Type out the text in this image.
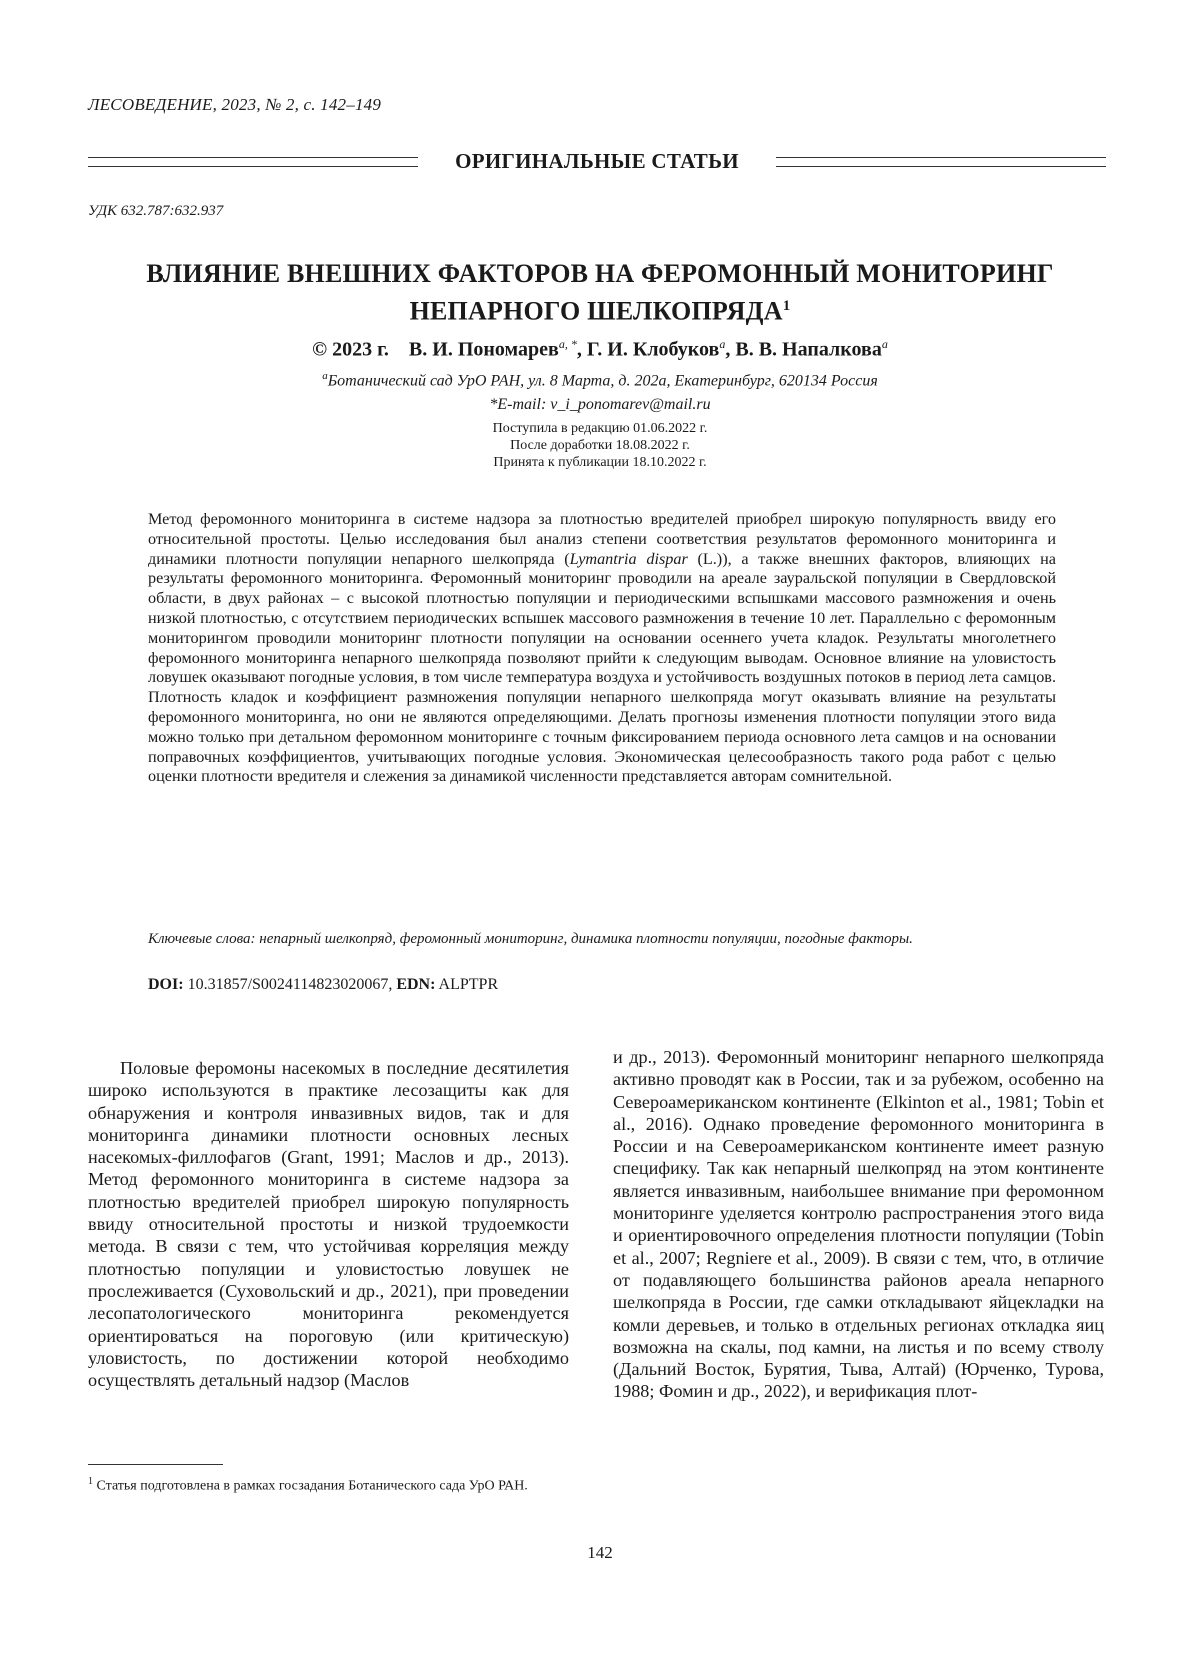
ЛЕСОВЕДЕНИЕ, 2023, № 2, с. 142–149
ОРИГИНАЛЬНЫЕ СТАТЬИ
УДК 632.787:632.937
ВЛИЯНИЕ ВНЕШНИХ ФАКТОРОВ НА ФЕРОМОННЫЙ МОНИТОРИНГ НЕПАРНОГО ШЕЛКОПРЯДА$^1$
© 2023 г. В. И. Пономарев$^{a, *}$, Г. И. Клобуков$^a$, В. В. Напалкова$^a$
$^a$Ботанический сад УрО РАН, ул. 8 Марта, д. 202а, Екатеринбург, 620134 Россия
*E-mail: v_i_ponomarev@mail.ru
Поступила в редакцию 01.06.2022 г.
После доработки 18.08.2022 г.
Принята к публикации 18.10.2022 г.
Метод феромонного мониторинга в системе надзора за плотностью вредителей приобрел широкую популярность ввиду его относительной простоты. Целью исследования был анализ степени соответствия результатов феромонного мониторинга и динамики плотности популяции непарного шелкопряда (Lymantria dispar (L.)), а также внешних факторов, влияющих на результаты феромонного мониторинга. Феромонный мониторинг проводили на ареале зауральской популяции в Свердловской области, в двух районах – с высокой плотностью популяции и периодическими вспышками массового размножения и очень низкой плотностью, с отсутствием периодических вспышек массового размножения в течение 10 лет. Параллельно с феромонным мониторингом проводили мониторинг плотности популяции на основании осеннего учета кладок. Результаты многолетнего феромонного мониторинга непарного шелкопряда позволяют прийти к следующим выводам. Основное влияние на уловистость ловушек оказывают погодные условия, в том числе температура воздуха и устойчивость воздушных потоков в период лета самцов. Плотность кладок и коэффициент размножения популяции непарного шелкопряда могут оказывать влияние на результаты феромонного мониторинга, но они не являются определяющими. Делать прогнозы изменения плотности популяции этого вида можно только при детальном феромонном мониторинге с точным фиксированием периода основного лета самцов и на основании поправочных коэффициентов, учитывающих погодные условия. Экономическая целесообразность такого рода работ с целью оценки плотности вредителя и слежения за динамикой численности представляется авторам сомнительной.
Ключевые слова: непарный шелкопряд, феромонный мониторинг, динамика плотности популяции, погодные факторы.
DOI: 10.31857/S0024114823020067, EDN: ALPTPR
Половые феромоны насекомых в последние десятилетия широко используются в практике лесозащиты как для обнаружения и контроля инвазивных видов, так и для мониторинга динамики плотности основных лесных насекомых-филлофагов (Grant, 1991; Маслов и др., 2013). Метод феромонного мониторинга в системе надзора за плотностью вредителей приобрел широкую популярность ввиду относительной простоты и низкой трудоемкости метода. В связи с тем, что устойчивая корреляция между плотностью популяции и уловистостью ловушек не прослеживается (Суховольский и др., 2021), при проведении лесопатологического мониторинга рекомендуется ориентироваться на пороговую (или критическую) уловистость, по достижении которой необходимо осуществлять детальный надзор (Маслов
и др., 2013). Феромонный мониторинг непарного шелкопряда активно проводят как в России, так и за рубежом, особенно на Североамериканском континенте (Elkinton et al., 1981; Tobin et al., 2016). Однако проведение феромонного мониторинга в России и на Североамериканском континенте имеет разную специфику. Так как непарный шелкопряд на этом континенте является инвазивным, наибольшее внимание при феромонном мониторинге уделяется контролю распространения этого вида и ориентировочного определения плотности популяции (Tobin et al., 2007; Regniere et al., 2009). В связи с тем, что, в отличие от подавляющего большинства районов ареала непарного шелкопряда в России, где самки откладывают яйцекладки на комли деревьев, и только в отдельных регионах откладка яиц возможна на скалы, под камни, на листья и по всему стволу (Дальний Восток, Бурятия, Тыва, Алтай) (Юрченко, Турова, 1988; Фомин и др., 2022), и верификация плот-
$^1$ Статья подготовлена в рамках госзадания Ботанического сада УрО РАН.
142
